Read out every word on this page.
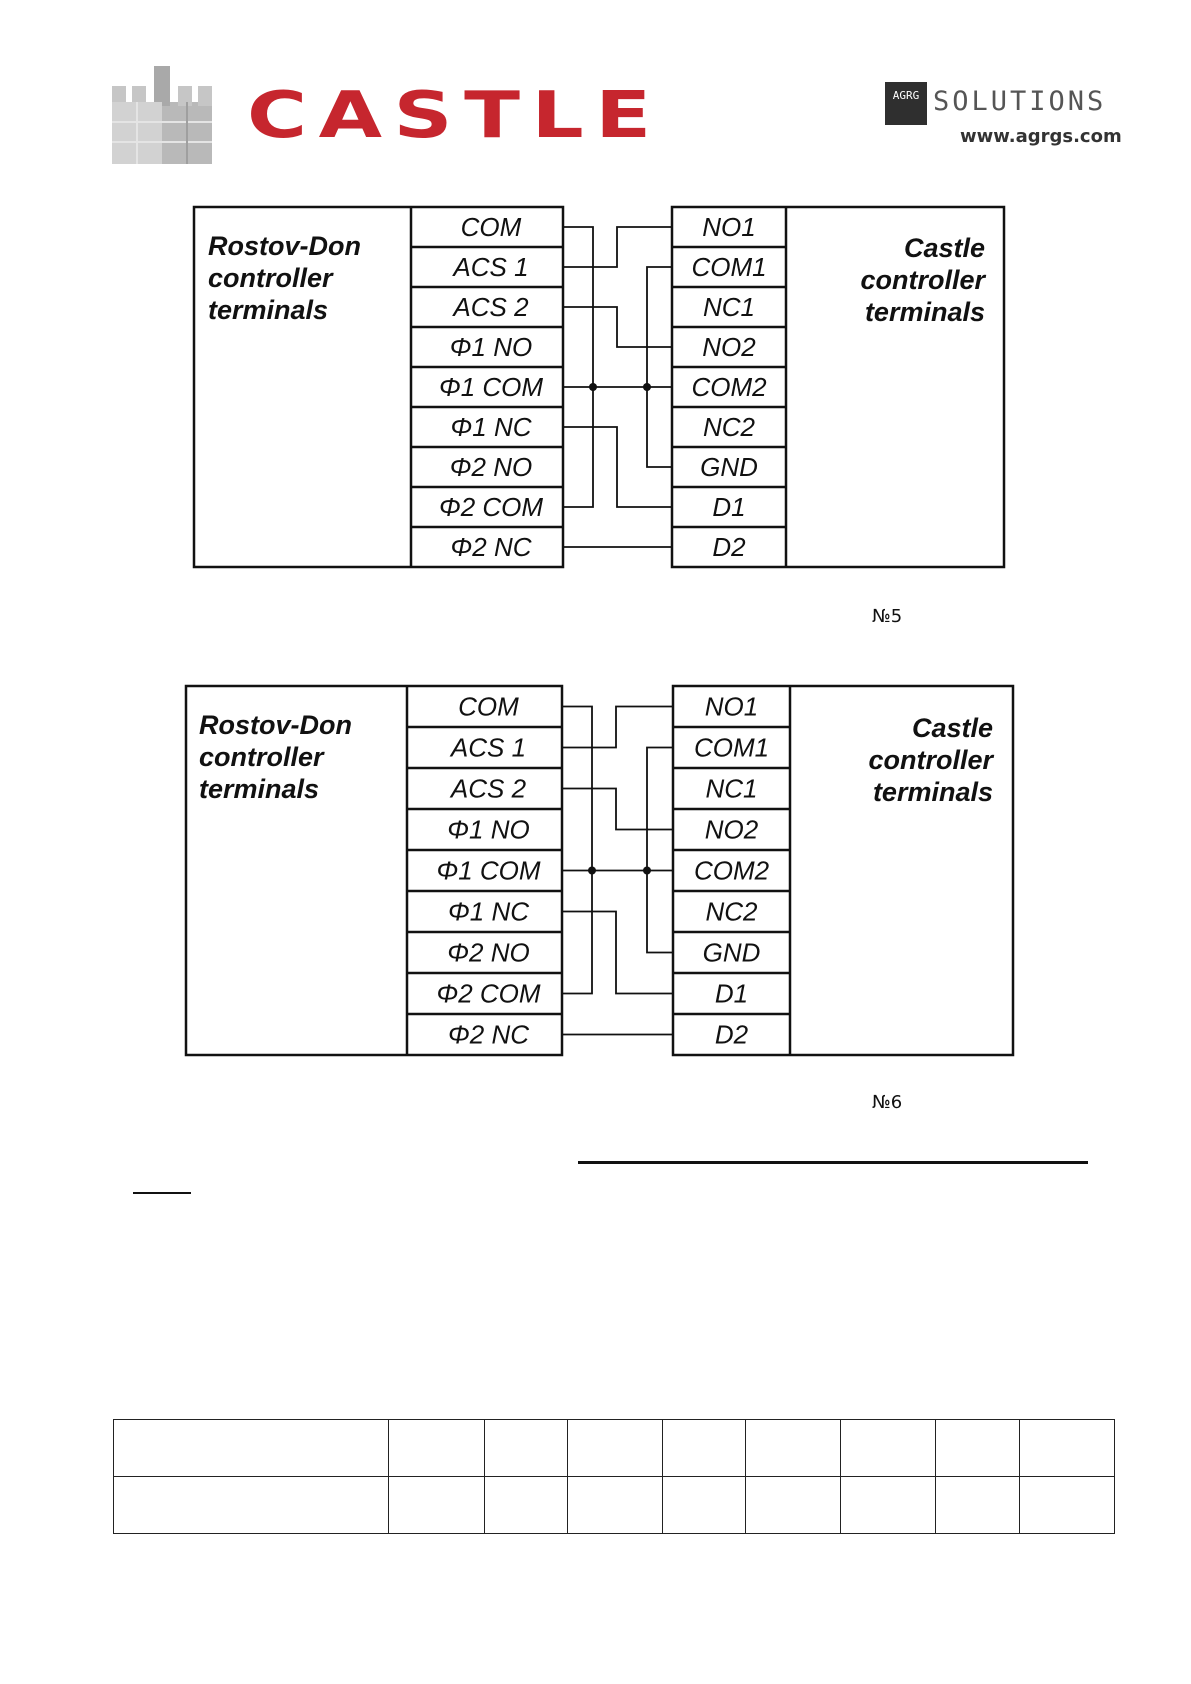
CASTLE	AGRG SOLUTIONS
www.agrgs.com
Rostov-Don
controller
terminals
Castle
controller
terminals
COM
ACS 1
ACS 2
Φ1 NO
Φ1 COM
Φ1 NC
Φ2 NO
Φ2 COM
Φ2 NC
NO1
COM1
NC1
NO2
COM2
NC2
GND
D1
D2
Rostov-Don
controller
terminals
Castle
controller
terminals
COM
ACS 1
ACS 2
Φ1 NO
Φ1 COM
Φ1 NC
Φ2 NO
Φ2 COM
Φ2 NC
NO1
COM1
NC1
NO2
COM2
NC2
GND
D1
D2
№5
№6
